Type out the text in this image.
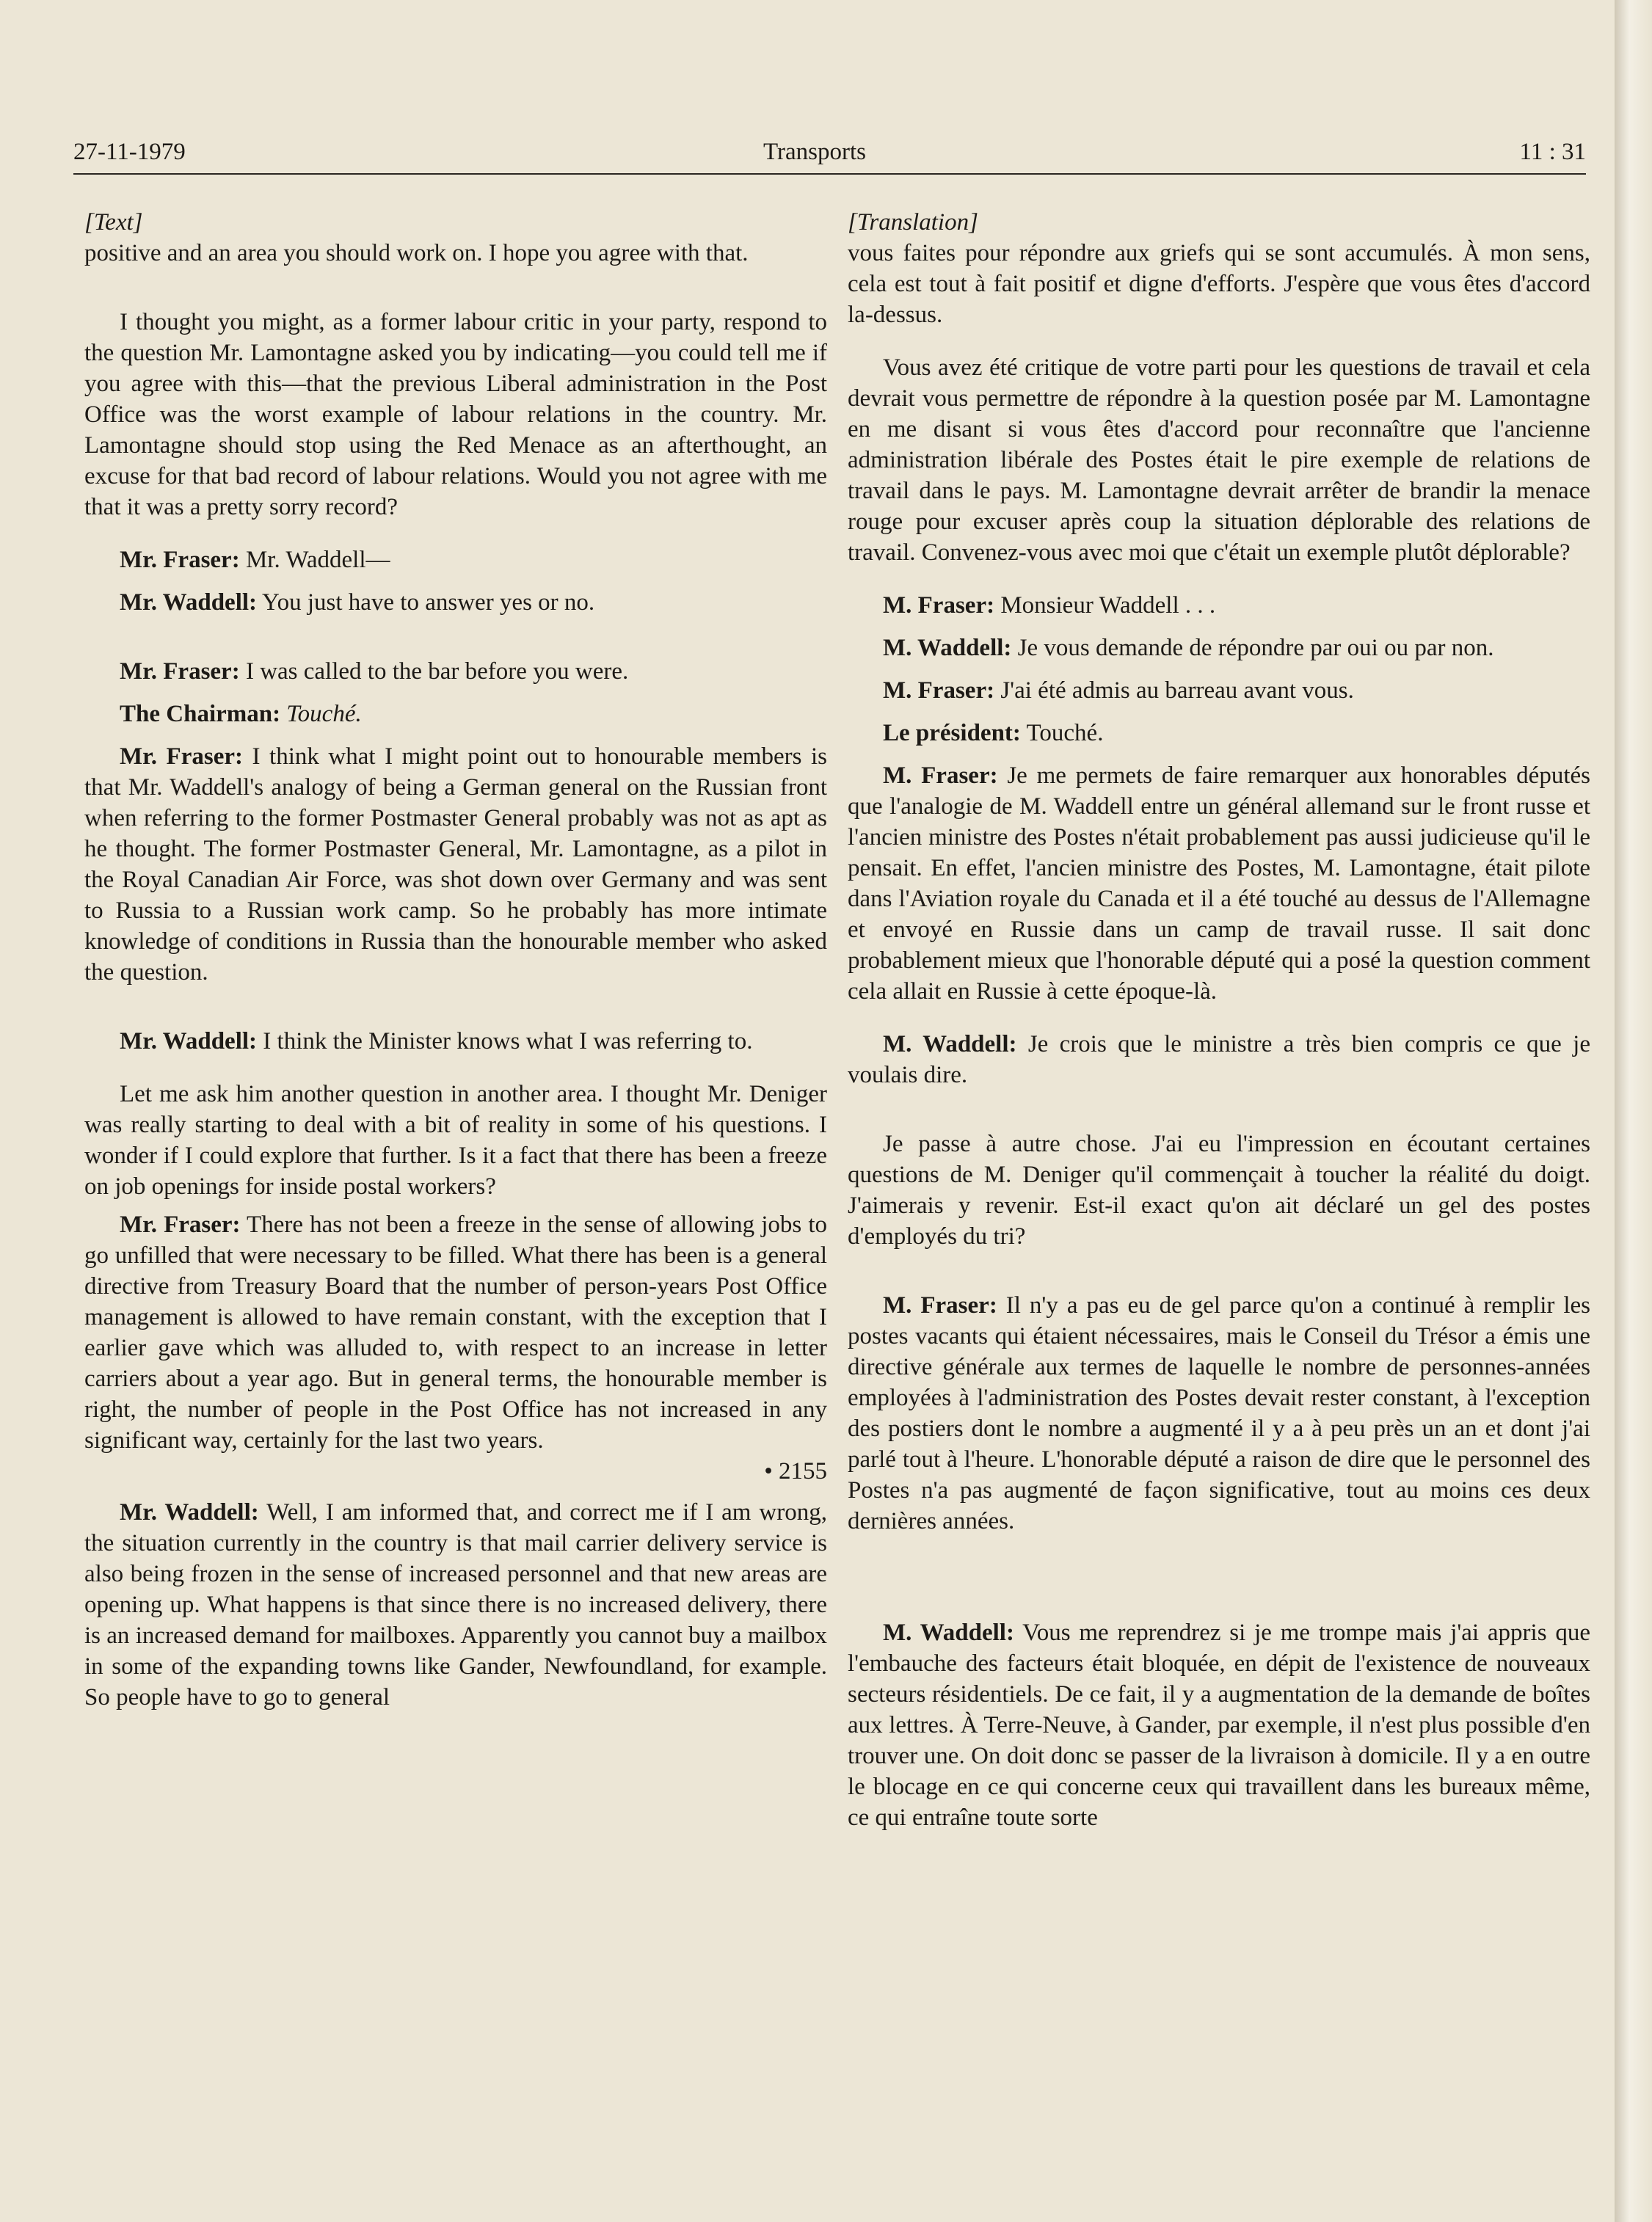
27-11-1979	Transports	11 : 31

[Text]

positive and an area you should work on. I hope you agree with that.

I thought you might, as a former labour critic in your party, respond to the question Mr. Lamontagne asked you by indicating—you could tell me if you agree with this—that the previous Liberal administration in the Post Office was the worst example of labour relations in the country. Mr. Lamontagne should stop using the Red Menace as an afterthought, an excuse for that bad record of labour relations. Would you not agree with me that it was a pretty sorry record?

Mr. Fraser: Mr. Waddell—

Mr. Waddell: You just have to answer yes or no.

Mr. Fraser: I was called to the bar before you were.

The Chairman: Touché.

Mr. Fraser: I think what I might point out to honourable members is that Mr. Waddell's analogy of being a German general on the Russian front when referring to the former Postmaster General probably was not as apt as he thought. The former Postmaster General, Mr. Lamontagne, as a pilot in the Royal Canadian Air Force, was shot down over Germany and was sent to Russia to a Russian work camp. So he probably has more intimate knowledge of conditions in Russia than the honourable member who asked the question.

Mr. Waddell: I think the Minister knows what I was referring to.

Let me ask him another question in another area. I thought Mr. Deniger was really starting to deal with a bit of reality in some of his questions. I wonder if I could explore that further. Is it a fact that there has been a freeze on job openings for inside postal workers?

Mr. Fraser: There has not been a freeze in the sense of allowing jobs to go unfilled that were necessary to be filled. What there has been is a general directive from Treasury Board that the number of person-years Post Office management is allowed to have remain constant, with the exception that I earlier gave which was alluded to, with respect to an increase in letter carriers about a year ago. But in general terms, the honourable member is right, the number of people in the Post Office has not increased in any significant way, certainly for the last two years.

• 2155

Mr. Waddell: Well, I am informed that, and correct me if I am wrong, the situation currently in the country is that mail carrier delivery service is also being frozen in the sense of increased personnel and that new areas are opening up. What happens is that since there is no increased delivery, there is an increased demand for mailboxes. Apparently you cannot buy a mailbox in some of the expanding towns like Gander, Newfoundland, for example. So people have to go to general

[Translation]

vous faites pour répondre aux griefs qui se sont accumulés. À mon sens, cela est tout à fait positif et digne d'efforts. J'espère que vous êtes d'accord la-dessus.

Vous avez été critique de votre parti pour les questions de travail et cela devrait vous permettre de répondre à la question posée par M. Lamontagne en me disant si vous êtes d'accord pour reconnaître que l'ancienne administration libérale des Postes était le pire exemple de relations de travail dans le pays. M. Lamontagne devrait arrêter de brandir la menace rouge pour excuser après coup la situation déplorable des relations de travail. Convenez-vous avec moi que c'était un exemple plutôt déplorable?

M. Fraser: Monsieur Waddell . . .

M. Waddell: Je vous demande de répondre par oui ou par non.

M. Fraser: J'ai été admis au barreau avant vous.

Le président: Touché.

M. Fraser: Je me permets de faire remarquer aux honorables députés que l'analogie de M. Waddell entre un général allemand sur le front russe et l'ancien ministre des Postes n'était probablement pas aussi judicieuse qu'il le pensait. En effet, l'ancien ministre des Postes, M. Lamontagne, était pilote dans l'Aviation royale du Canada et il a été touché au dessus de l'Allemagne et envoyé en Russie dans un camp de travail russe. Il sait donc probablement mieux que l'honorable député qui a posé la question comment cela allait en Russie à cette époque-là.

M. Waddell: Je crois que le ministre a très bien compris ce que je voulais dire.

Je passe à autre chose. J'ai eu l'impression en écoutant certaines questions de M. Deniger qu'il commençait à toucher la réalité du doigt. J'aimerais y revenir. Est-il exact qu'on ait déclaré un gel des postes d'employés du tri?

M. Fraser: Il n'y a pas eu de gel parce qu'on a continué à remplir les postes vacants qui étaient nécessaires, mais le Conseil du Trésor a émis une directive générale aux termes de laquelle le nombre de personnes-années employées à l'administration des Postes devait rester constant, à l'exception des postiers dont le nombre a augmenté il y a à peu près un an et dont j'ai parlé tout à l'heure. L'honorable député a raison de dire que le personnel des Postes n'a pas augmenté de façon significative, tout au moins ces deux dernières années.

M. Waddell: Vous me reprendrez si je me trompe mais j'ai appris que l'embauche des facteurs était bloquée, en dépit de l'existence de nouveaux secteurs résidentiels. De ce fait, il y a augmentation de la demande de boîtes aux lettres. À Terre-Neuve, à Gander, par exemple, il n'est plus possible d'en trouver une. On doit donc se passer de la livraison à domicile. Il y a en outre le blocage en ce qui concerne ceux qui travaillent dans les bureaux même, ce qui entraîne toute sorte
